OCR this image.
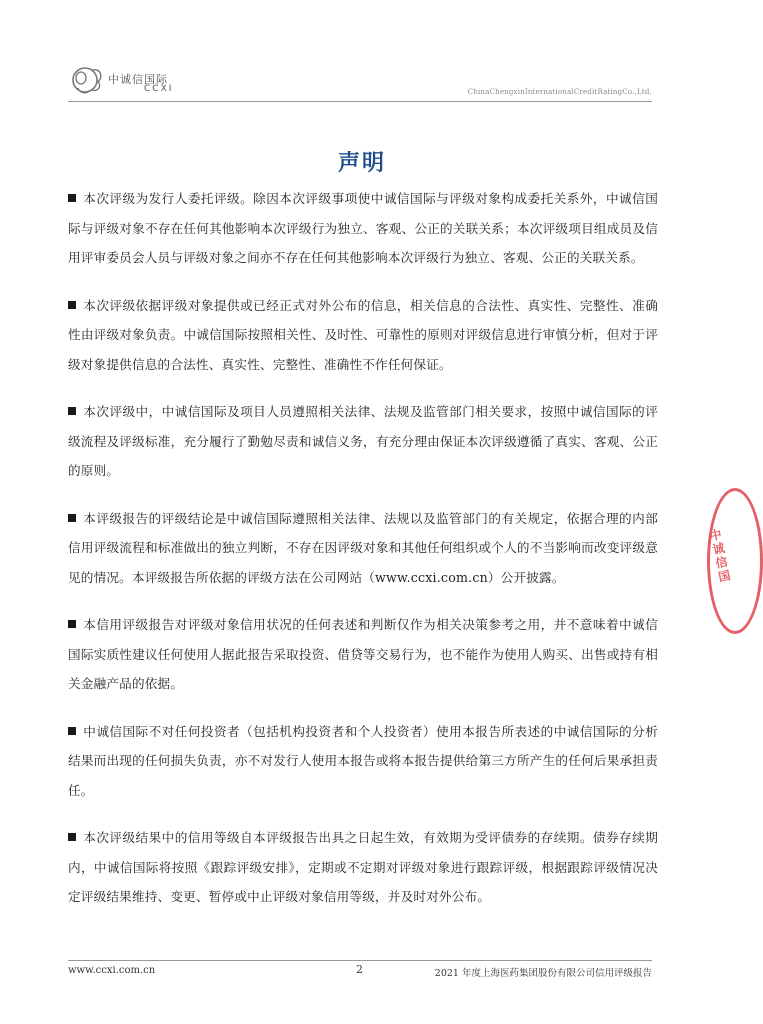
中诚信国际
CCXI	ChinaChengxinInternationalCreditRatingCo.,Ltd.
声明

本次评级为发行人委托评级。除因本次评级事项使中诚信国际与评级对象构成委托关系外，中诚信国际与评级对象不存在任何其他影响本次评级行为独立、客观、公正的关联关系；本次评级项目组成员及信用评审委员会人员与评级对象之间亦不存在任何其他影响本次评级行为独立、客观、公正的关联关系。

本次评级依据评级对象提供或已经正式对外公布的信息，相关信息的合法性、真实性、完整性、准确性由评级对象负责。中诚信国际按照相关性、及时性、可靠性的原则对评级信息进行审慎分析，但对于评级对象提供信息的合法性、真实性、完整性、准确性不作任何保证。

本次评级中，中诚信国际及项目人员遵照相关法律、法规及监管部门相关要求，按照中诚信国际的评级流程及评级标准，充分履行了勤勉尽责和诚信义务，有充分理由保证本次评级遵循了真实、客观、公正的原则。

本评级报告的评级结论是中诚信国际遵照相关法律、法规以及监管部门的有关规定，依据合理的内部信用评级流程和标准做出的独立判断，不存在因评级对象和其他任何组织或个人的不当影响而改变评级意见的情况。本评级报告所依据的评级方法在公司网站（www.ccxi.com.cn）公开披露。

本信用评级报告对评级对象信用状况的任何表述和判断仅作为相关决策参考之用，并不意味着中诚信国际实质性建议任何使用人据此报告采取投资、借贷等交易行为，也不能作为使用人购买、出售或持有相关金融产品的依据。

中诚信国际不对任何投资者（包括机构投资者和个人投资者）使用本报告所表述的中诚信国际的分析结果而出现的任何损失负责，亦不对发行人使用本报告或将本报告提供给第三方所产生的任何后果承担责任。

本次评级结果中的信用等级自本评级报告出具之日起生效，有效期为受评债券的存续期。债券存续期内，中诚信国际将按照《跟踪评级安排》，定期或不定期对评级对象进行跟踪评级，根据跟踪评级情况决定评级结果维持、变更、暂停或中止评级对象信用等级，并及时对外公布。

中诚信国
www.ccxi.com.cn	2	2021 年度上海医药集团股份有限公司信用评级报告
